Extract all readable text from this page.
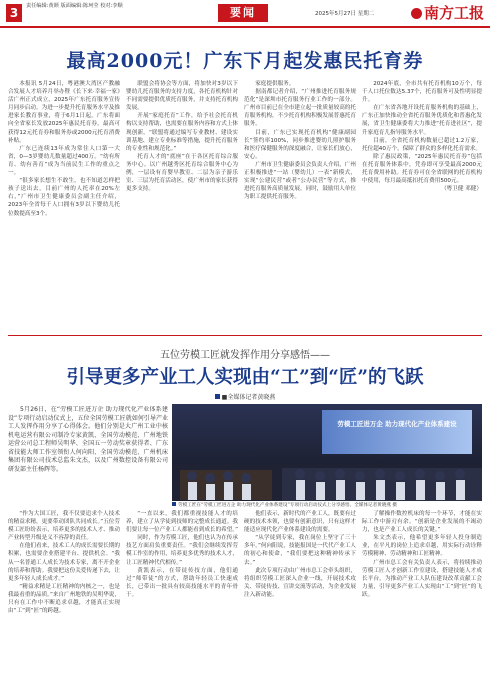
3	责任编辑:黄颜 版面编辑:陈珂莹 校对:李顺	要闻	2025年5月27日 星期二	南方工报
最高2000元！广东下月起发惠民托育券

本报讯 5月24日，粤港澳大湾区产教融合发展人才培养月举办暨《长下来·幸福一家》活广州正式成立，2025年广东托育服务宣传月同步启动。为进一步提升托育服务水平及推进家长教育事业，将于6月1日起，广东将面向全省家长发放2025年惠民托育券，最高可获得12元托育券和服务券或2000元托育消费补贴。

广东已连续13年成为常住人口第一大省，0—3岁婴幼儿数量超过400万。“幼有所育、幼有善育”成为当前民生工作的重点之一。

“很多家长想生不敢生，也不知道怎样把孩子送出去，目前广州的人托率在20%左右，”广州市卫生健康委员会副主任介绍，2023年全省每千人口拥有3岁以下婴幼儿托位数提高至3个。

联盟会将协会等方面，将加快对3岁以下婴幼儿托育服务的支持力度，各托育机构针对不同需要提供优质托育服务，并支持托育机构发展。

开展“家庭托育”工作，给予社会托育机构以支持帮助，也需要在服务内容和方式上体现创新。“联盟将通过编写专业教材、建设实训基地、建立专业标准等措施，提升托育服务的专业性和规范化。”

托育人才的“底座”在于各区托育综合服务中心。以广州越秀区托育综合服务中心为例，一层设有育婴早教室、二层为亲子游乐室、三层为托育活动区，使广州市的家长获得更多支持。

家庭提供服务。

据南都记者介绍，“广州推进托育服务规范化”是深圳市托育服务行业工作的一部分。广州市目前已在全市建立起一批质量较高的托育服务机构，不少托育机构积极发展普惠托育服务。

目前，广东已实现托育机构“健康副园长”签约率100%，同步推进婴幼儿照护服务和医疗保健服务的深度融合，让家长们放心，安心。

广州市卫生健康委员会负责人介绍，广州正积极推进“一站（婴幼儿）一表”新模式，实现“公建民营”或者“公办民营”等方式，推进托育服务高质量发展。同时，鼓励用人单位为职工提供托育服务。

2024年底，全市共有托育机构10万个，每千人口托位数达5.37个，托育服务可及性明显提升。

在广东省各地开设托育服务机构的基础上，广东正加快推动全省托育服务优质化和普惠化发展，省卫生健康委将大力推进“托育进社区”，提升家庭育儿指导服务水平。

目前，全省托育机构数量已超过1.2万家，托位超40万个，保障了群众的多样化托育需求。

除了惠民政策，“2025年惠民托育券”包括在托育服务体系中，凭券即可享受最高2000元托育费用补助。托育券可在全省联网的托育机构中使用，每月最高抵扣托育费用500元。

（粤卫健 邓健）

五位劳模工匠就发挥作用分享感悟——
引导更多产业工人实现由“工”到“匠”的飞跃
■全媒体记者黄晓燕

5月26日，在“劳模工匠进万企 助力现代化产业体系建设”专项行动启动仪式上，五位全国劳模工匠就如何引导产业工人发挥作用分享了心得体会。他们分别是大广州工业中核机电运营有限公司制冷专家黄凯、全国劳动模范、广州地铁运营公司总工程师吴明华、全国五一劳动奖章获得者、广东省技能大师工作室领衔人何向阳、全国劳动模范、广州机床集团有限公司技术总监朱文杰，以及广州数控设备有限公司研发部主任杨辉等。

劳模工匠进万企 助力现代化产业体系建设
劳模工匠在“劳模工匠进万企 助力现代化产业体系建设”专项行动启动仪式上分享感悟。全媒体记者黄晓燕 摄

“作为大国工匠，我不仅要追求个人技术的精益求精，更要带动团队共同成长。”五位劳模工匠纷纷表示，培养更多的技术人才、推动产业转型升级是义不容辞的责任。

在他们看来，技术工人的成长需要长期的积累，也需要企业搭建平台、提供机会。“我从一名普通工人成长为技术专家，离不开企业的培养和帮助。我要把这份关爱传递下去，让更多年轻人成长成才。”

“精益求精是工匠精神的内核之一，也是我最看重的品质。”来自广州地铁的吴明华说，只有在工作中不断追求卓越，才能真正实现由“工”到“匠”的跨越。

“一直以来，我们都重视技能人才的培养，建立了从学徒到技师的完整成长通道。我们要让每一位产业工人都能看到成长的希望。”

同时，作为劳模工匠，他们也认为在传承技艺方面肩负重要责任。“我们会继续发挥劳模工作室的作用，培养更多优秀的技术人才，让工匠精神代代相传。”

黄凯表示，在带徒传技方面，他们通过“师带徒”的方式，帮助年轻员工快速成长，已带出一批具有较高技能水平的青年骨干。

他们表示，新时代的产业工人，既要有过硬的技术本领，也要有创新意识，只有这样才能适应现代化产业体系建设的需要。

“从学徒到专家，我在岗位上坚守了三十多年。”何向阳说，技能报国是一代代产业工人的初心和使命，“我们要把这种精神传承下去。”

此次专项行动由广州市总工会牵头组织，将组织劳模工匠深入企业一线，开展技术攻关、带徒传技、宣讲交流等活动，为企业发展注入新动能。

了解操作数控机床的每一个环节，才能在实际工作中游刃有余。“创新是企业发展的不竭动力，也是产业工人成长的关键。”

朱文杰表示，他希望更多年轻人投身制造业，在平凡的岗位上追求卓越，用实际行动诠释劳模精神、劳动精神和工匠精神。

广州市总工会有关负责人表示，将持续推动劳模工匠人才创新工作室建设，搭建技能人才成长平台，为推动产业工人队伍建设改革贡献工会力量，引导更多产业工人实现由“工”到“匠”的飞跃。
